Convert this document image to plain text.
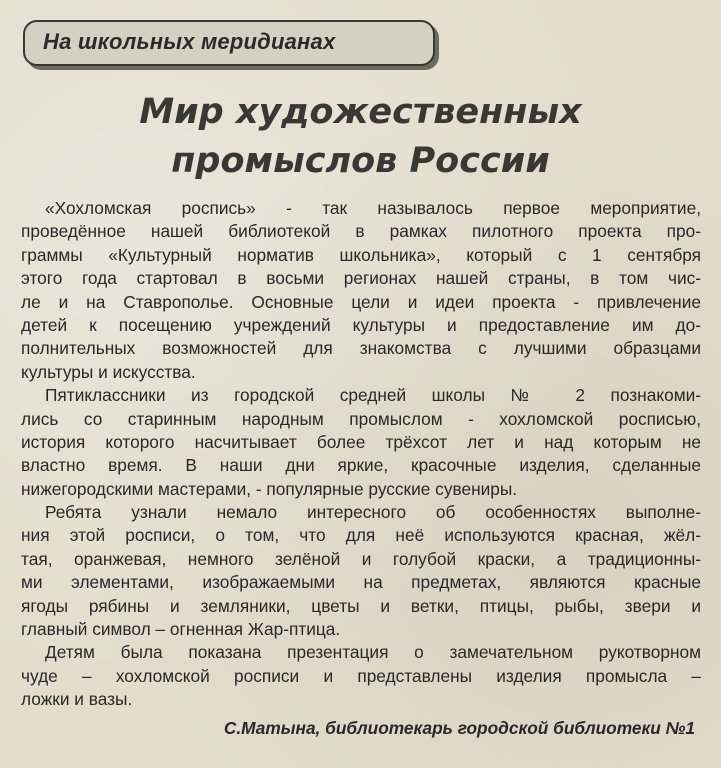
На школьных меридианах
Мир художественных
промыслов России
«Хохломская роспись» - так называлось первое мероприятие,
проведённое нашей библиотекой в рамках пилотного проекта про-
граммы «Культурный норматив школьника», который с 1 сентября
этого года стартовал в восьми регионах нашей страны, в том чис-
ле и на Ставрополье. Основные цели и идеи проекта - привлечение
детей к посещению учреждений культуры и предоставление им до-
полнительных возможностей для знакомства с лучшими образцами
культуры и искусства.
Пятиклассники из городской средней школы № 2 познакоми-
лись со старинным народным промыслом - хохломской росписью,
история которого насчитывает более трёхсот лет и над которым не
властно время. В наши дни яркие, красочные изделия, сделанные
нижегородскими мастерами, - популярные русские сувениры.
Ребята узнали немало интересного об особенностях выполне-
ния этой росписи, о том, что для неё используются красная, жёл-
тая, оранжевая, немного зелёной и голубой краски, а традиционны-
ми элементами, изображаемыми на предметах, являются красные
ягоды рябины и земляники, цветы и ветки, птицы, рыбы, звери и
главный символ – огненная Жар-птица.
Детям была показана презентация о замечательном рукотворном
чуде – хохломской росписи и представлены изделия промысла –
ложки и вазы.
С.Матына, библиотекарь городской библиотеки №1
